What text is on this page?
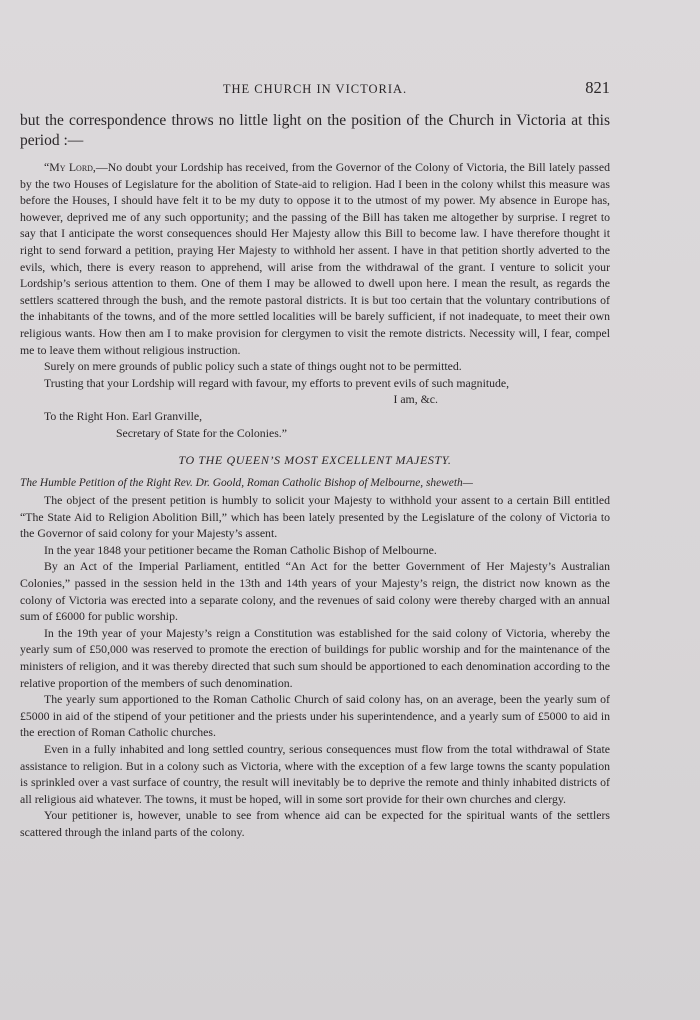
THE CHURCH IN VICTORIA.	821

but the correspondence throws no little light on the position of the Church in Victoria at this period :—

“My Lord,—No doubt your Lordship has received, from the Governor of the Colony of Victoria, the Bill lately passed by the two Houses of Legislature for the abolition of State-aid to religion. Had I been in the colony whilst this measure was before the Houses, I should have felt it to be my duty to oppose it to the utmost of my power. My absence in Europe has, however, deprived me of any such opportunity; and the passing of the Bill has taken me altogether by surprise. I regret to say that I anticipate the worst consequences should Her Majesty allow this Bill to become law. I have therefore thought it right to send forward a petition, praying Her Majesty to withhold her assent. I have in that petition shortly adverted to the evils, which, there is every reason to apprehend, will arise from the withdrawal of the grant. I venture to solicit your Lordship’s serious attention to them. One of them I may be allowed to dwell upon here. I mean the result, as regards the settlers scattered through the bush, and the remote pastoral districts. It is but too certain that the voluntary contributions of the inhabitants of the towns, and of the more settled localities will be barely sufficient, if not inadequate, to meet their own religious wants. How then am I to make provision for clergymen to visit the remote districts. Necessity will, I fear, compel me to leave them without religious instruction.

Surely on mere grounds of public policy such a state of things ought not to be permitted.

Trusting that your Lordship will regard with favour, my efforts to prevent evils of such magnitude,

I am, &c.

To the Right Hon. Earl Granville,

Secretary of State for the Colonies.”

TO THE QUEEN’S MOST EXCELLENT MAJESTY.

The Humble Petition of the Right Rev. Dr. Goold, Roman Catholic Bishop of Melbourne, sheweth—

The object of the present petition is humbly to solicit your Majesty to withhold your assent to a certain Bill entitled “The State Aid to Religion Abolition Bill,” which has been lately presented by the Legislature of the colony of Victoria to the Governor of said colony for your Majesty’s assent.

In the year 1848 your petitioner became the Roman Catholic Bishop of Melbourne.

By an Act of the Imperial Parliament, entitled “An Act for the better Government of Her Majesty’s Australian Colonies,” passed in the session held in the 13th and 14th years of your Majesty’s reign, the district now known as the colony of Victoria was erected into a separate colony, and the revenues of said colony were thereby charged with an annual sum of £6000 for public worship.

In the 19th year of your Majesty’s reign a Constitution was established for the said colony of Victoria, whereby the yearly sum of £50,000 was reserved to promote the erection of buildings for public worship and for the maintenance of the ministers of religion, and it was thereby directed that such sum should be apportioned to each denomination according to the relative proportion of the members of such denomination.

The yearly sum apportioned to the Roman Catholic Church of said colony has, on an average, been the yearly sum of £5000 in aid of the stipend of your petitioner and the priests under his superintendence, and a yearly sum of £5000 to aid in the erection of Roman Catholic churches.

Even in a fully inhabited and long settled country, serious consequences must flow from the total withdrawal of State assistance to religion. But in a colony such as Victoria, where with the exception of a few large towns the scanty population is sprinkled over a vast surface of country, the result will inevitably be to deprive the remote and thinly inhabited districts of all religious aid whatever. The towns, it must be hoped, will in some sort provide for their own churches and clergy.

Your petitioner is, however, unable to see from whence aid can be expected for the spiritual wants of the settlers scattered through the inland parts of the colony.
